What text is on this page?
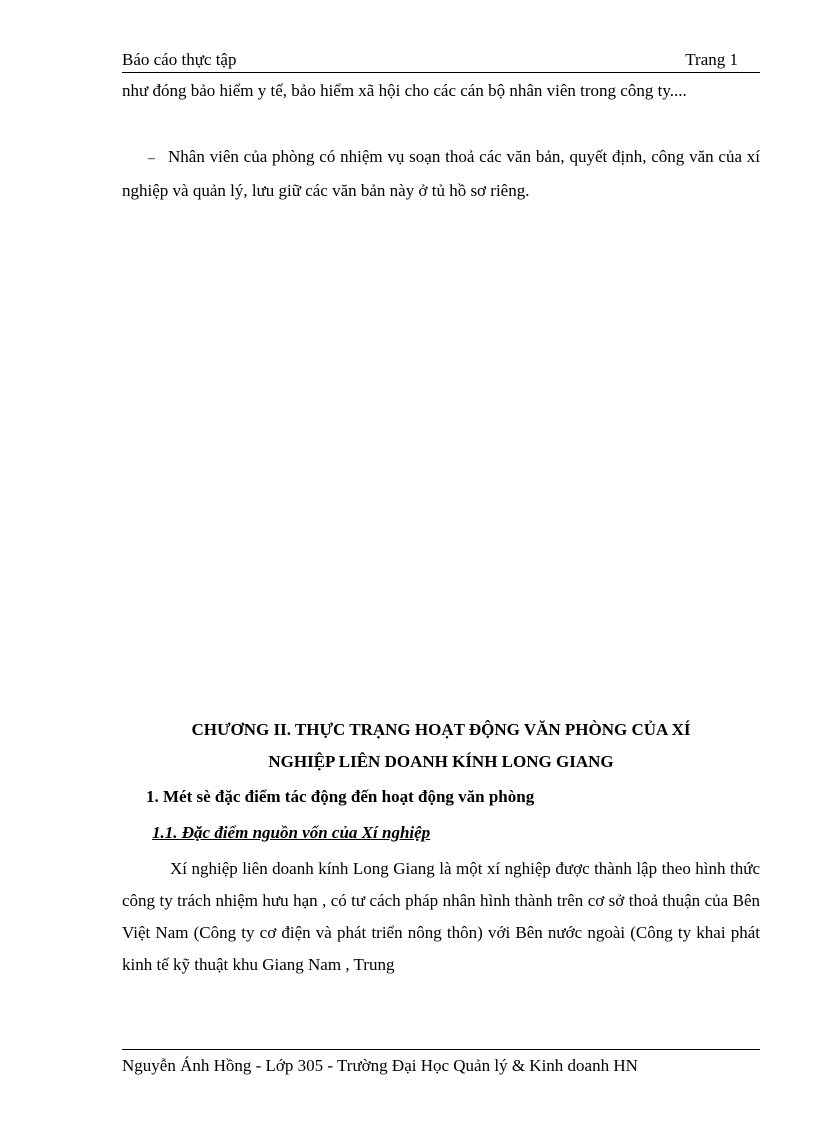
Báo cáo thực tập	Trang 1

như đóng bảo hiểm y tế, bảo hiểm xã hội cho các cán bộ nhân viên trong công ty....

– Nhân viên của phòng có nhiệm vụ soạn thoả các văn bản, quyết định, công văn của xí nghiệp và quản lý, lưu giữ các văn bản này ở tủ hồ sơ riêng.

CHƯƠNG II. THỰC TRẠNG HOẠT ĐỘNG VĂN PHÒNG CỦA XÍ
NGHIỆP LIÊN DOANH KÍNH LONG GIANG
1. Mét sè đặc điểm tác động đến hoạt động văn phòng
1.1. Đặc điểm nguồn vốn của Xí nghiệp

Xí nghiệp liên doanh kính Long Giang là một xí nghiệp được thành lập theo hình thức công ty trách nhiệm hưu hạn , có tư cách pháp nhân hình thành trên cơ sở thoả thuận của Bên Việt Nam (Công ty cơ điện và phát triển nông thôn) với Bên nước ngoài (Công ty khai phát kinh tế kỹ thuật khu Giang Nam , Trung

Nguyễn Ánh Hồng - Lớp 305 - Trường Đại Học Quản lý & Kinh doanh HN
